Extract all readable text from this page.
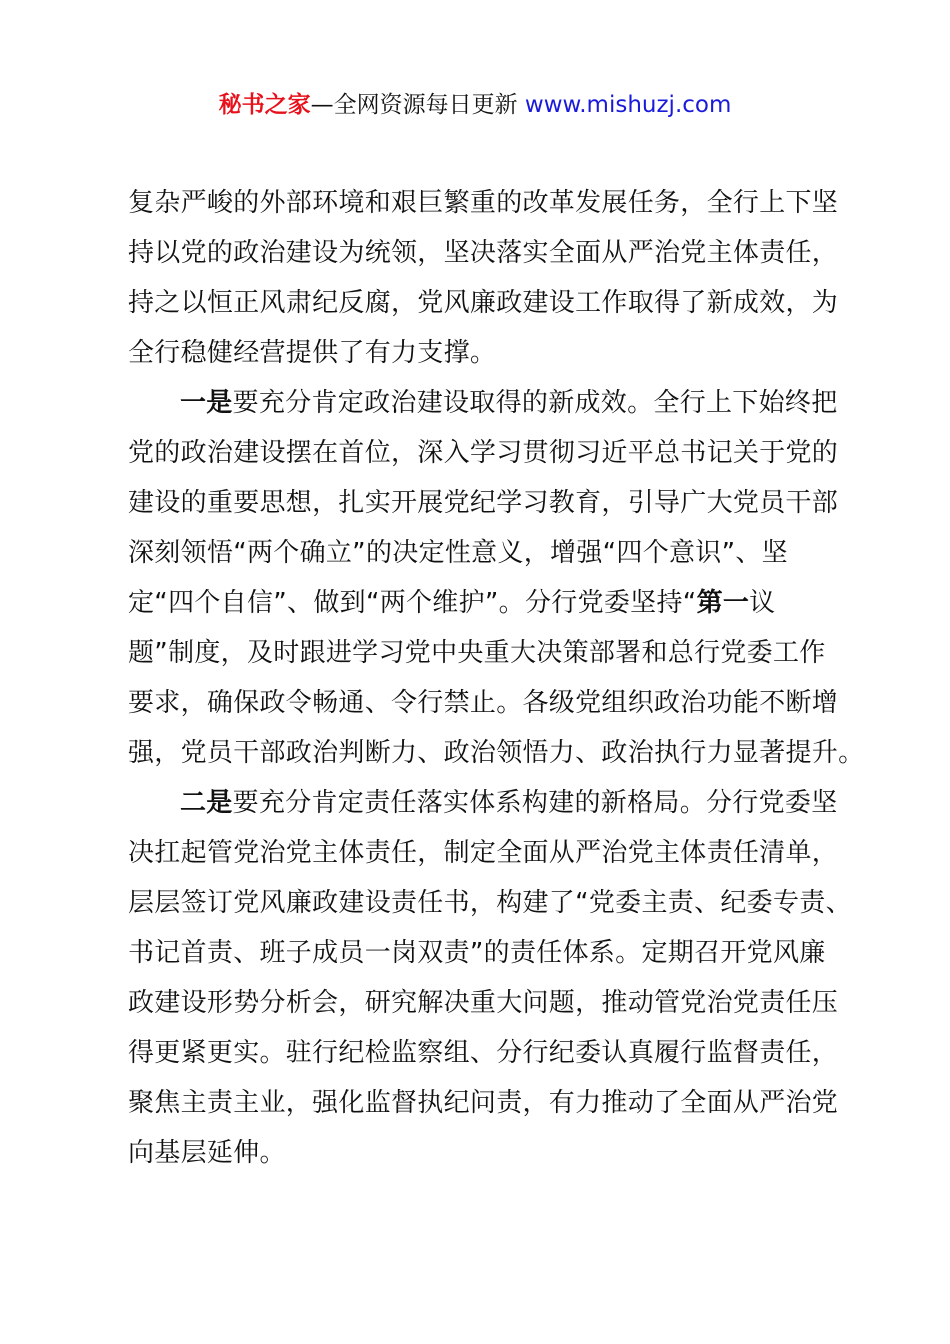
秘书之家—全网资源每日更新 www.mishuzj.com
复杂严峻的外部环境和艰巨繁重的改革发展任务，全行上下坚
持以党的政治建设为统领，坚决落实全面从严治党主体责任，
持之以恒正风肃纪反腐，党风廉政建设工作取得了新成效，为
全行稳健经营提供了有力支撑。
一是要充分肯定政治建设取得的新成效。全行上下始终把
党的政治建设摆在首位，深入学习贯彻习近平总书记关于党的
建设的重要思想，扎实开展党纪学习教育，引导广大党员干部
深刻领悟“两个确立”的决定性意义，增强“四个意识”、坚
定“四个自信”、做到“两个维护”。分行党委坚持“第一议
题”制度，及时跟进学习党中央重大决策部署和总行党委工作
要求，确保政令畅通、令行禁止。各级党组织政治功能不断增
强，党员干部政治判断力、政治领悟力、政治执行力显著提升。
二是要充分肯定责任落实体系构建的新格局。分行党委坚
决扛起管党治党主体责任，制定全面从严治党主体责任清单，
层层签订党风廉政建设责任书，构建了“党委主责、纪委专责、
书记首责、班子成员一岗双责”的责任体系。定期召开党风廉
政建设形势分析会，研究解决重大问题，推动管党治党责任压
得更紧更实。驻行纪检监察组、分行纪委认真履行监督责任，
聚焦主责主业，强化监督执纪问责，有力推动了全面从严治党
向基层延伸。
